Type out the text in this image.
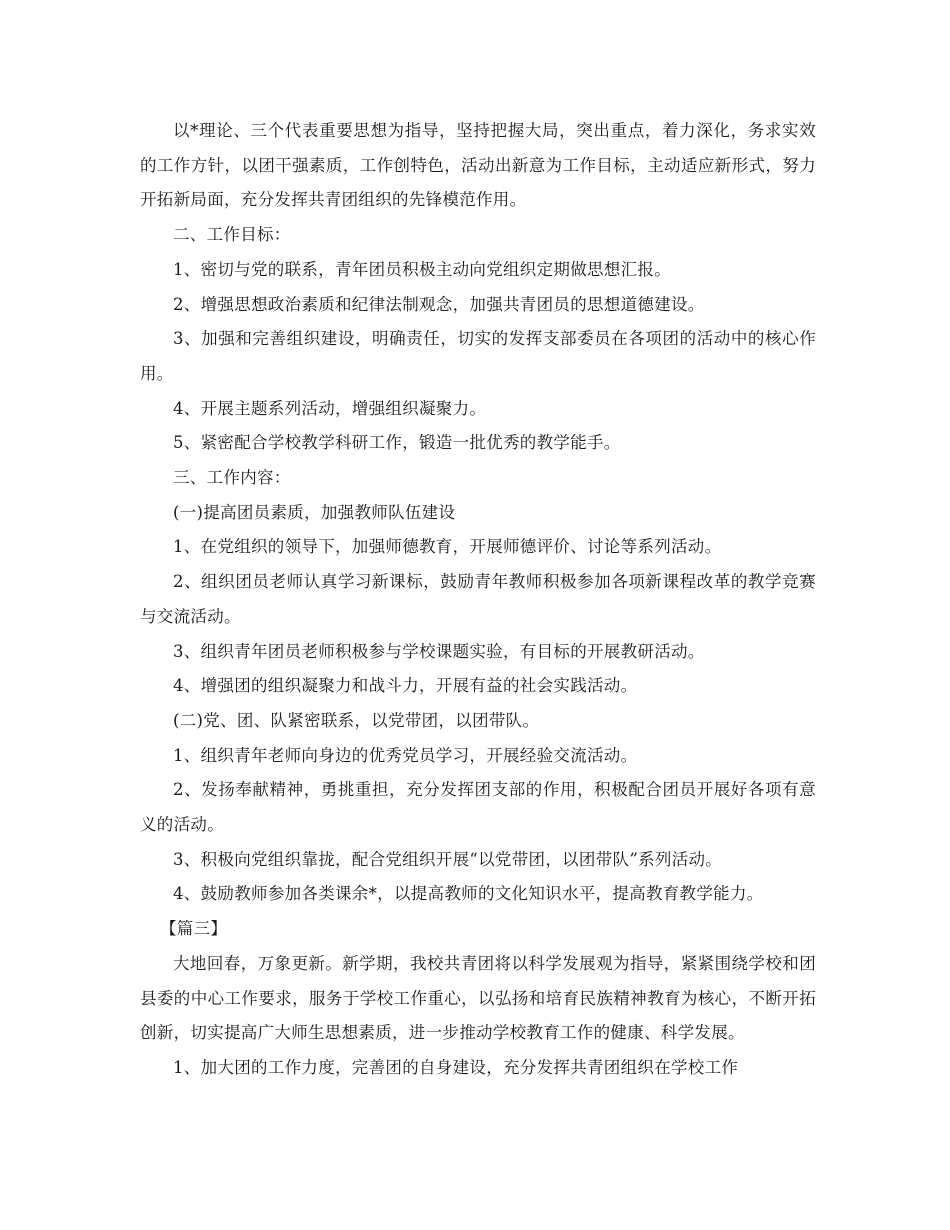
以*理论、三个代表重要思想为指导，坚持把握大局，突出重点，着力深化，务求实效的工作方针，以团干强素质，工作创特色，活动出新意为工作目标，主动适应新形式，努力开拓新局面，充分发挥共青团组织的先锋模范作用。

二、工作目标：

1、密切与党的联系，青年团员积极主动向党组织定期做思想汇报。

2、增强思想政治素质和纪律法制观念，加强共青团员的思想道德建设。

3、加强和完善组织建设，明确责任，切实的发挥支部委员在各项团的活动中的核心作用。

4、开展主题系列活动，增强组织凝聚力。

5、紧密配合学校教学科研工作，锻造一批优秀的教学能手。

三、工作内容：

(一)提高团员素质，加强教师队伍建设

1、在党组织的领导下，加强师德教育，开展师德评价、讨论等系列活动。

2、组织团员老师认真学习新课标，鼓励青年教师积极参加各项新课程改革的教学竞赛与交流活动。

3、组织青年团员老师积极参与学校课题实验，有目标的开展教研活动。

4、增强团的组织凝聚力和战斗力，开展有益的社会实践活动。

(二)党、团、队紧密联系，以党带团，以团带队。

1、组织青年老师向身边的优秀党员学习，开展经验交流活动。

2、发扬奉献精神，勇挑重担，充分发挥团支部的作用，积极配合团员开展好各项有意义的活动。

3、积极向党组织靠拢，配合党组织开展“以党带团，以团带队”系列活动。

4、鼓励教师参加各类课余*，以提高教师的文化知识水平，提高教育教学能力。

【篇三】

大地回春，万象更新。新学期，我校共青团将以科学发展观为指导，紧紧围绕学校和团县委的中心工作要求，服务于学校工作重心，以弘扬和培育民族精神教育为核心，不断开拓创新，切实提高广大师生思想素质，进一步推动学校教育工作的健康、科学发展。

1、加大团的工作力度，完善团的自身建设，充分发挥共青团组织在学校工作
